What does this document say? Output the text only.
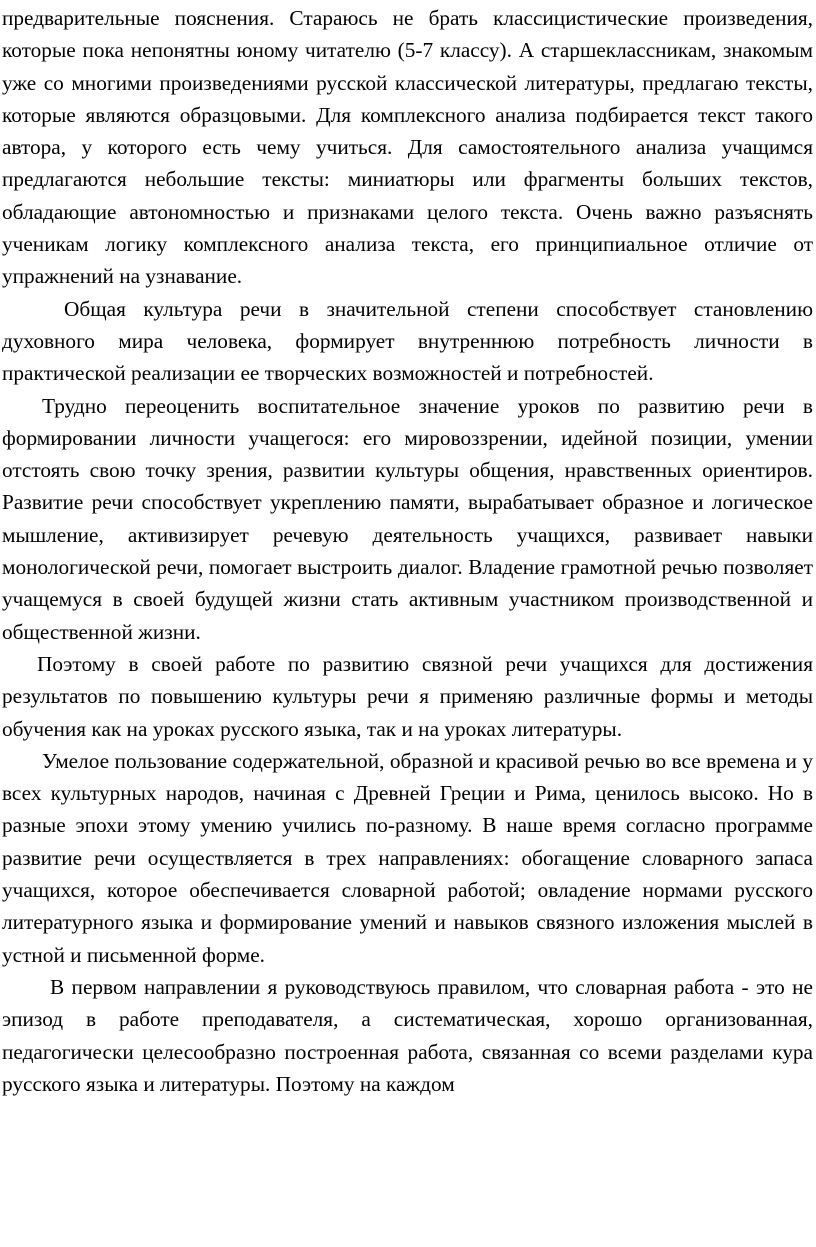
предварительные пояснения. Стараюсь не брать классицистические произведения, которые пока непонятны юному читателю (5-7 классу). А старшеклассникам, знакомым уже со многими произведениями русской классической литературы, предлагаю тексты, которые являются образцовыми. Для комплексного анализа подбирается текст такого автора, у которого есть чему учиться. Для самостоятельного анализа учащимся предлагаются небольшие тексты: миниатюры или фрагменты больших текстов, обладающие автономностью и признаками целого текста. Очень важно разъяснять ученикам логику комплексного анализа текста, его принципиальное отличие от упражнений на узнавание.

Общая культура речи в значительной степени способствует становлению духовного мира человека, формирует внутреннюю потребность личности в практической реализации ее творческих возможностей и потребностей.

Трудно переоценить воспитательное значение уроков по развитию речи в формировании личности учащегося: его мировоззрении, идейной позиции, умении отстоять свою точку зрения, развитии культуры общения, нравственных ориентиров. Развитие речи способствует укреплению памяти, вырабатывает образное и логическое мышление, активизирует речевую деятельность учащихся, развивает навыки монологической речи, помогает выстроить диалог. Владение грамотной речью позволяет учащемуся в своей будущей жизни стать активным участником производственной и общественной жизни.

Поэтому в своей работе по развитию связной речи учащихся для достижения результатов по повышению культуры речи я применяю различные формы и методы обучения как на уроках русского языка, так и на уроках литературы.

Умелое пользование содержательной, образной и красивой речью во все времена и у всех культурных народов, начиная с Древней Греции и Рима, ценилось высоко. Но в разные эпохи этому умению учились по-разному. В наше время согласно программе развитие речи осуществляется в трех направлениях: обогащение словарного запаса учащихся, которое обеспечивается словарной работой; овладение нормами русского литературного языка и формирование умений и навыков связного изложения мыслей в устной и письменной форме.

В первом направлении я руководствуюсь правилом, что словарная работа - это не эпизод в работе преподавателя, а систематическая, хорошо организованная, педагогически целесообразно построенная работа, связанная со всеми разделами кура русского языка и литературы. Поэтому на каждом
